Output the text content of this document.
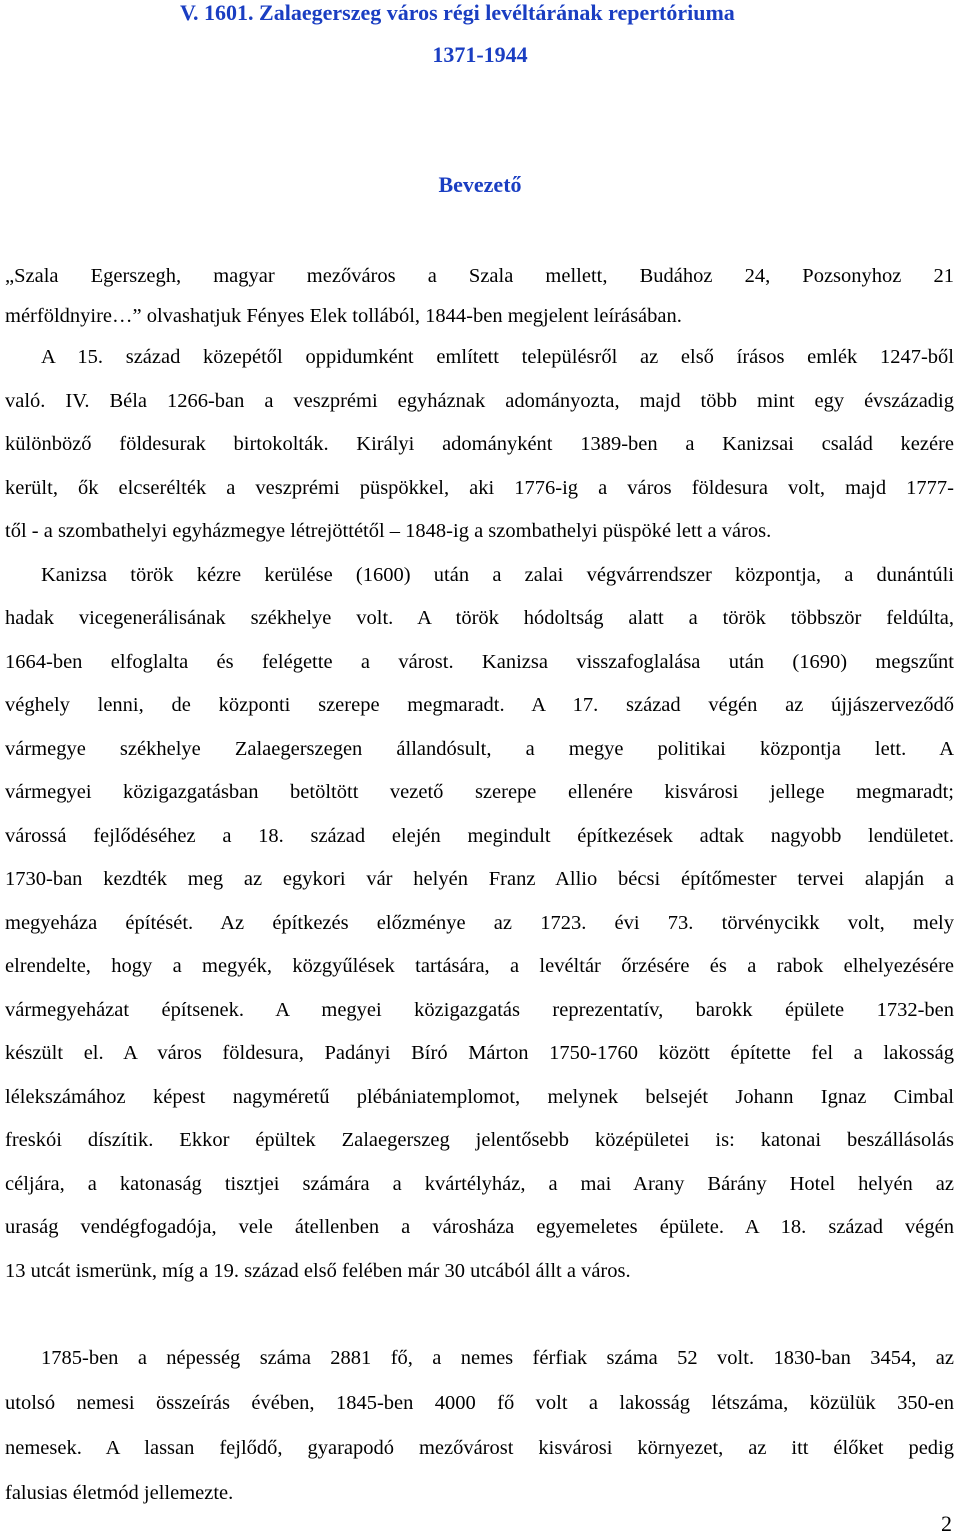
V. 1601. Zalaegerszeg város régi levéltárának repertóriuma
1371-1944
Bevezető
„Szala Egerszegh, magyar mezőváros a Szala mellett, Budához 24, Pozsonyhoz 21
mérföldnyire…” olvashatjuk Fényes Elek tollából, 1844-ben megjelent leírásában.
A 15. század közepétől oppidumként említett településről az első írásos emlék 1247-ből
való. IV. Béla 1266-ban a veszprémi egyháznak adományozta, majd több mint egy évszázadig
különböző földesurak birtokolták. Királyi adományként 1389-ben a Kanizsai család kezére
került, ők elcserélték a veszprémi püspökkel, aki 1776-ig a város földesura volt, majd 1777-
től - a szombathelyi egyházmegye létrejöttétől – 1848-ig a szombathelyi püspöké lett a város.
Kanizsa török kézre kerülése (1600) után a zalai végvárrendszer központja, a dunántúli
hadak vicegenerálisának székhelye volt. A török hódoltság alatt a török többször feldúlta,
1664-ben elfoglalta és felégette a várost. Kanizsa visszafoglalása után (1690) megszűnt
véghely lenni, de központi szerepe megmaradt. A 17. század végén az újjászerveződő
vármegye székhelye Zalaegerszegen állandósult, a megye politikai központja lett. A
vármegyei közigazgatásban betöltött vezető szerepe ellenére kisvárosi jellege megmaradt;
várossá fejlődéséhez a 18. század elején megindult építkezések adtak nagyobb lendületet.
1730-ban kezdték meg az egykori vár helyén Franz Allio bécsi építőmester tervei alapján a
megyeháza építését. Az építkezés előzménye az 1723. évi 73. törvénycikk volt, mely
elrendelte, hogy a megyék, közgyűlések tartására, a levéltár őrzésére és a rabok elhelyezésére
vármegyeházat építsenek. A megyei közigazgatás reprezentatív, barokk épülete 1732-ben
készült el. A város földesura, Padányi Bíró Márton 1750-1760 között építette fel a lakosság
lélekszámához képest nagyméretű plébániatemplomot, melynek belsejét Johann Ignaz Cimbal
freskói díszítik. Ekkor épültek Zalaegerszeg jelentősebb középületei is: katonai beszállásolás
céljára, a katonaság tisztjei számára a kvártélyház, a mai Arany Bárány Hotel helyén az
uraság vendégfogadója, vele átellenben a városháza egyemeletes épülete. A 18. század végén
13 utcát ismerünk, míg a 19. század első felében már 30 utcából állt a város.
1785-ben a népesség száma 2881 fő, a nemes férfiak száma 52 volt. 1830-ban 3454, az
utolsó nemesi összeírás évében, 1845-ben 4000 fő volt a lakosság létszáma, közülük 350-en
nemesek. A lassan fejlődő, gyarapodó mezővárost kisvárosi környezet, az itt élőket pedig
falusias életmód jellemezte.
2
